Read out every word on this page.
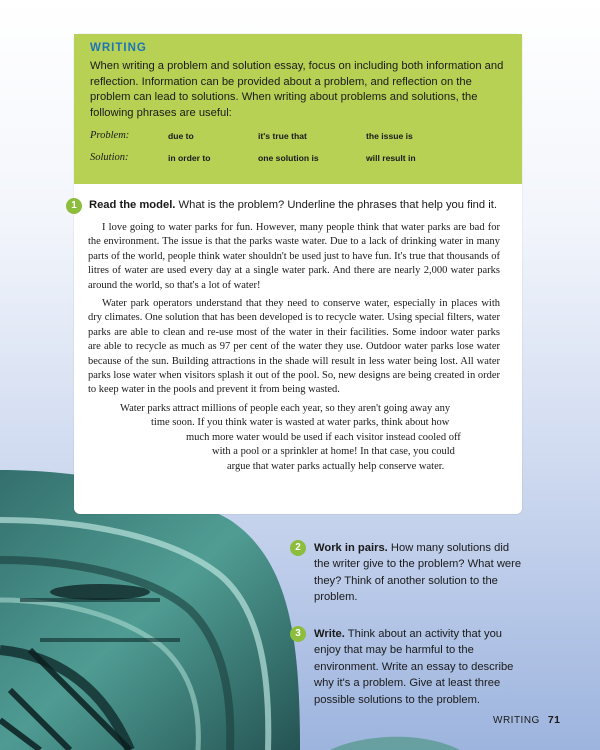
WRITING
When writing a problem and solution essay, focus on including both information and reflection. Information can be provided about a problem, and reflection on the problem can lead to solutions. When writing about problems and solutions, the following phrases are useful:
Problem:	due to	it's true that	the issue is
Solution:	in order to	one solution is	will result in
1	Read the model. What is the problem? Underline the phrases that help you find it.

I love going to water parks for fun. However, many people think that water parks are bad for the environment. The issue is that the parks waste water. Due to a lack of drinking water in many parts of the world, people think water shouldn't be used just to have fun. It's true that thousands of litres of water are used every day at a single water park. And there are nearly 2,000 water parks around the world, so that's a lot of water!

Water park operators understand that they need to conserve water, especially in places with dry climates. One solution that has been developed is to recycle water. Using special filters, water parks are able to clean and re-use most of the water in their facilities. Some indoor water parks are able to recycle as much as 97 per cent of the water they use. Outdoor water parks lose water because of the sun. Building attractions in the shade will result in less water being lost. All water parks lose water when visitors splash it out of the pool. So, new designs are being created in order to keep water in the pools and prevent it from being wasted.

Water parks attract millions of people each year, so they aren't going away any
time soon. If you think water is wasted at water parks, think about how
much more water would be used if each visitor instead cooled off
with a pool or a sprinkler at home! In that case, you could
argue that water parks actually help conserve water.

2	Work in pairs. How many solutions did the writer give to the problem? What were they? Think of another solution to the problem.
3	Write. Think about an activity that you enjoy that may be harmful to the environment. Write an essay to describe why it's a problem. Give at least three possible solutions to the problem.
WRITING 71
